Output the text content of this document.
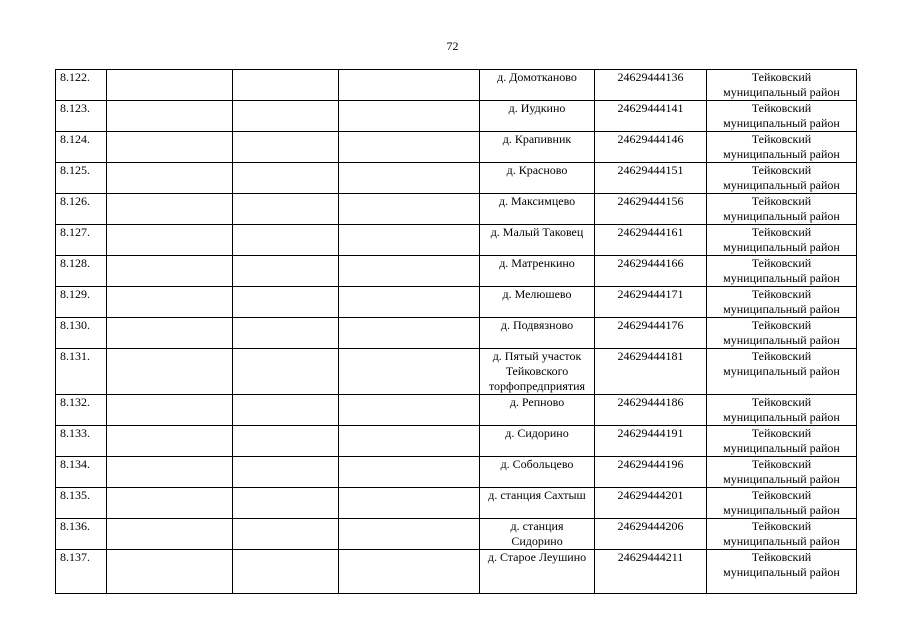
72
8.122.				д. Домотканово	24629444136	Тейковский муниципальный район
8.123.				д. Иудкино	24629444141	Тейковский муниципальный район
8.124.				д. Крапивник	24629444146	Тейковский муниципальный район
8.125.				д. Красново	24629444151	Тейковский муниципальный район
8.126.				д. Максимцево	24629444156	Тейковский муниципальный район
8.127.				д. Малый Таковец	24629444161	Тейковский муниципальный район
8.128.				д. Матренкино	24629444166	Тейковский муниципальный район
8.129.				д. Мелюшево	24629444171	Тейковский муниципальный район
8.130.				д. Подвязново	24629444176	Тейковский муниципальный район
8.131.				д. Пятый участок Тейковского торфопредприятия	24629444181	Тейковский муниципальный район
8.132.				д. Репново	24629444186	Тейковский муниципальный район
8.133.				д. Сидорино	24629444191	Тейковский муниципальный район
8.134.				д. Собольцево	24629444196	Тейковский муниципальный район
8.135.				д. станция Сахтыш	24629444201	Тейковский муниципальный район
8.136.				д. станция Сидорино	24629444206	Тейковский муниципальный район
8.137.				д. Старое Леушино	24629444211	Тейковский муниципальный район
